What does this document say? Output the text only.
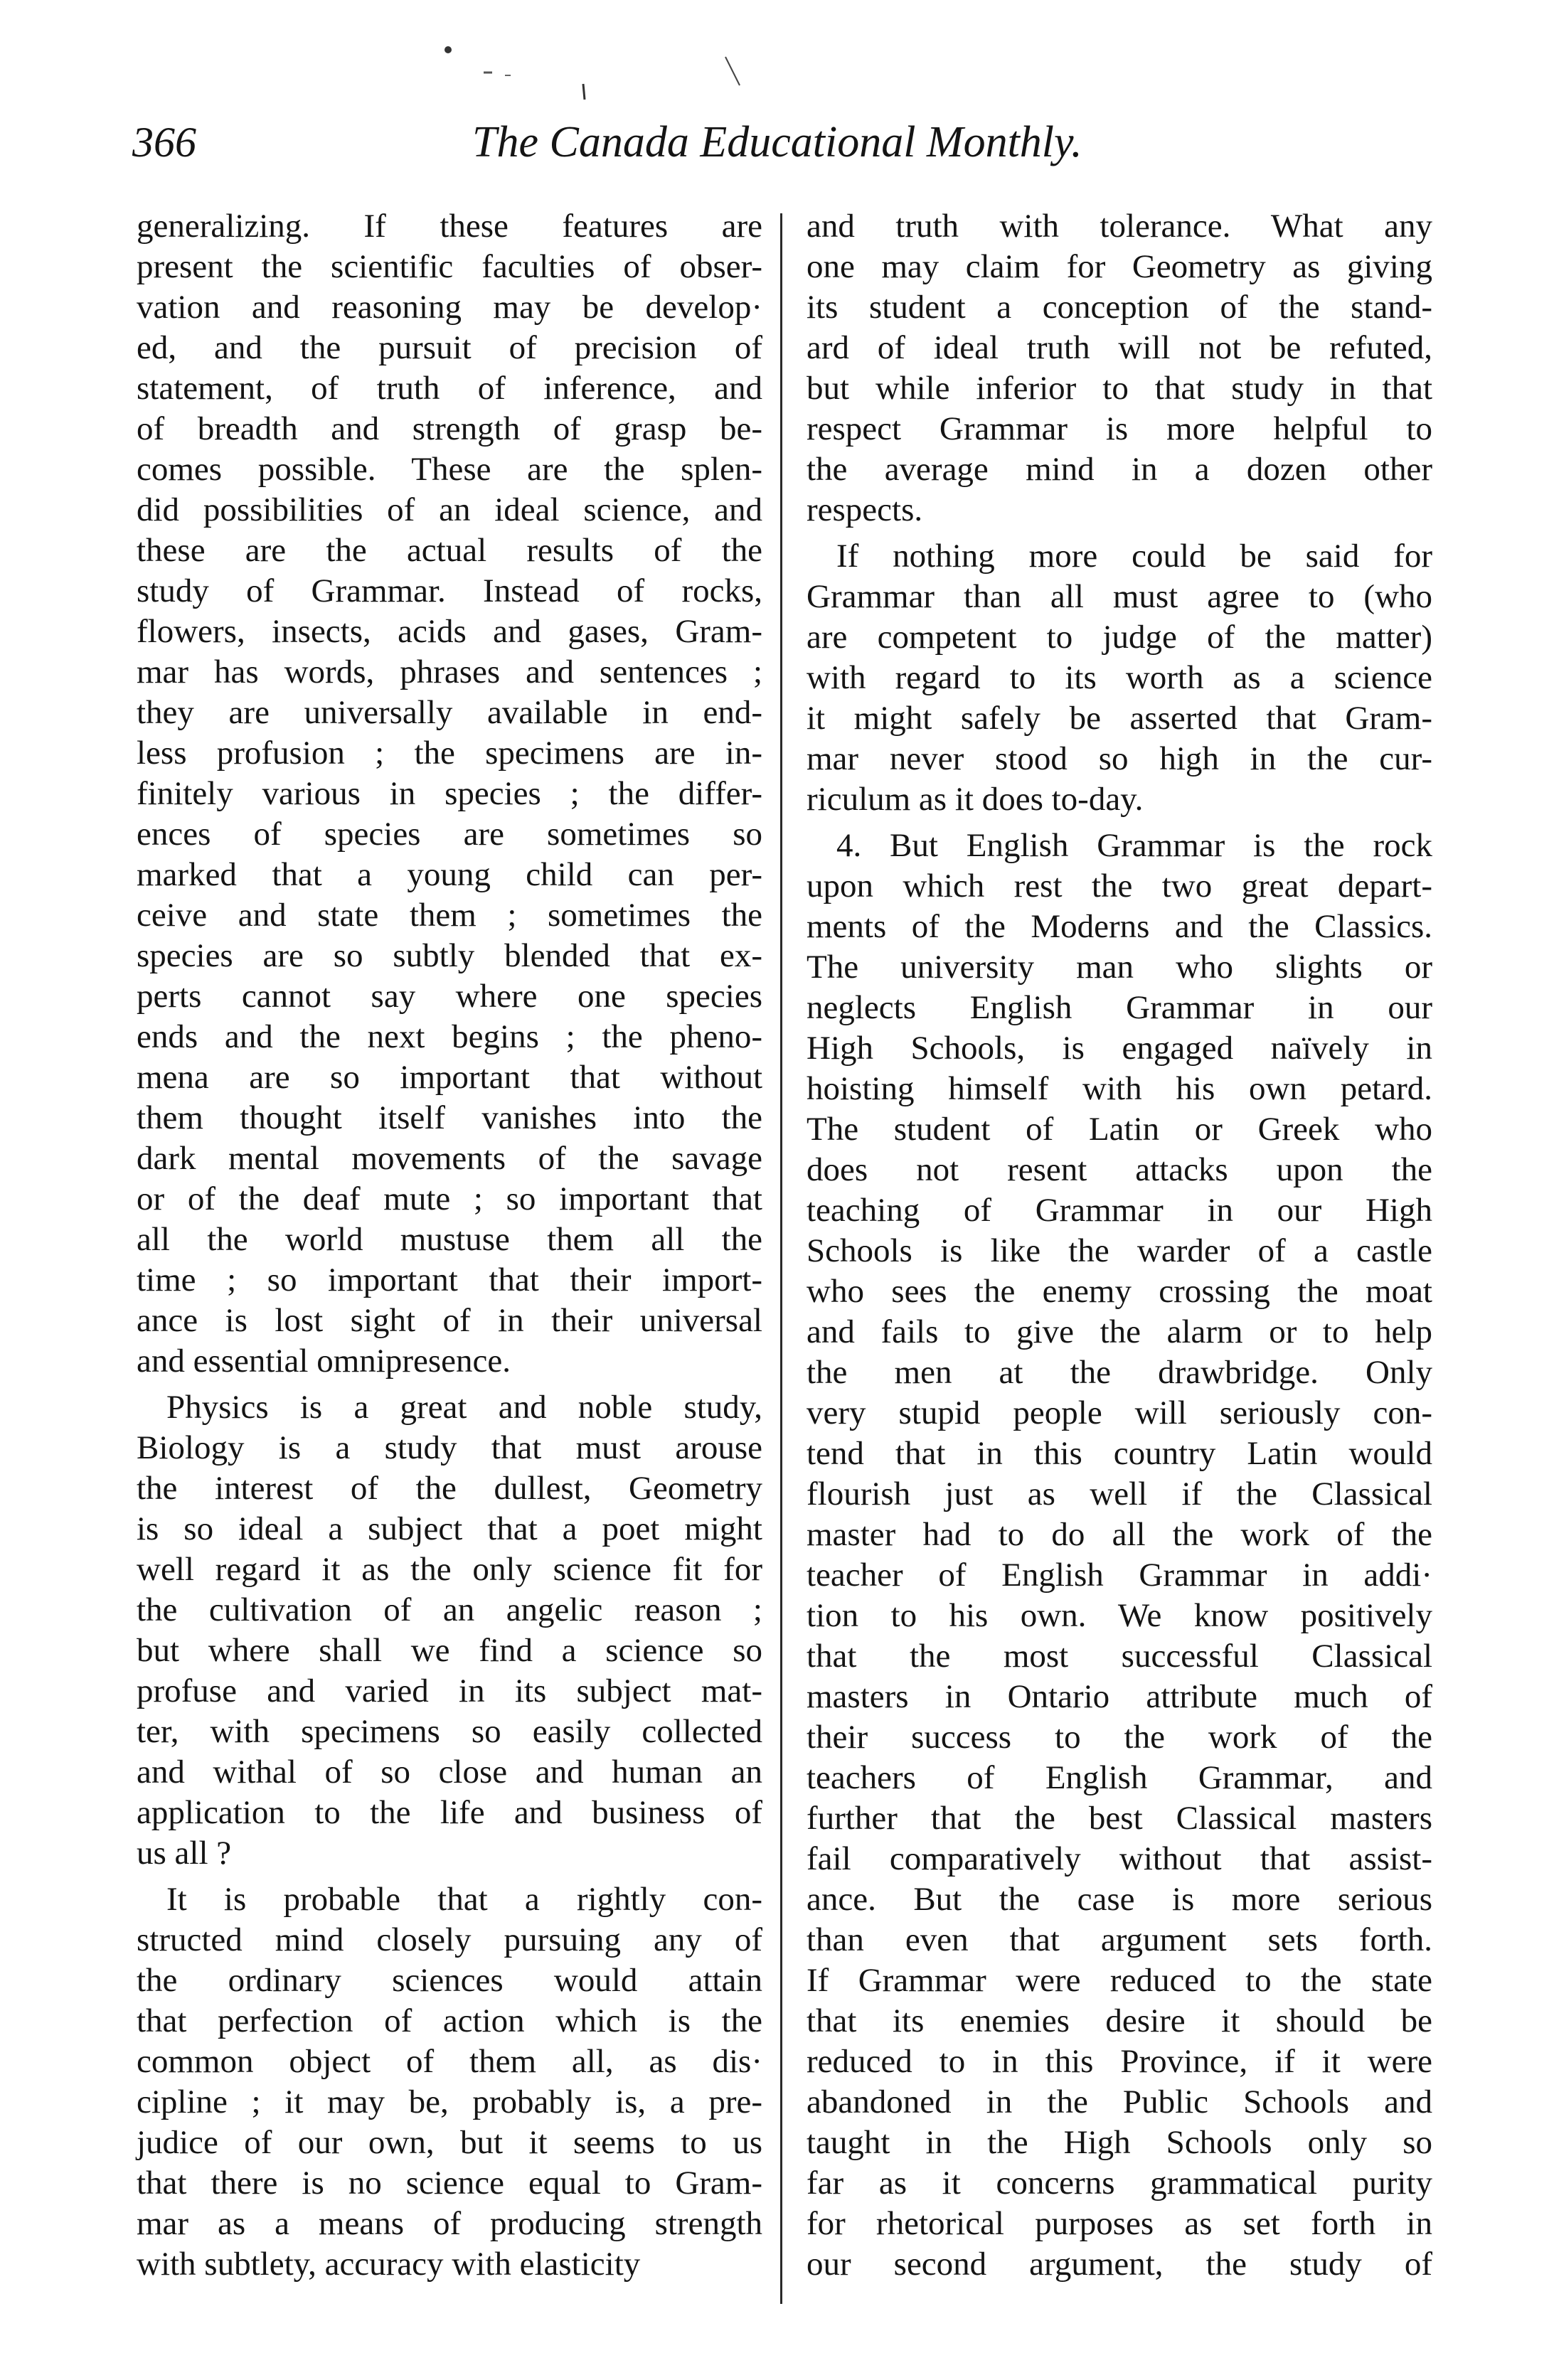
366	The Canada Educational Monthly.
generalizing. If these features are
present the scientific faculties of obser-
vation and reasoning may be develop·
ed, and the pursuit of precision of
statement, of truth of inference, and
of breadth and strength of grasp be-
comes possible. These are the splen-
did possibilities of an ideal science, and
these are the actual results of the
study of Grammar. Instead of rocks,
flowers, insects, acids and gases, Gram-
mar has words, phrases and sentences ;
they are universally available in end-
less profusion ; the specimens are in-
finitely various in species ; the differ-
ences of species are sometimes so
marked that a young child can per-
ceive and state them ; sometimes the
species are so subtly blended that ex-
perts cannot say where one species
ends and the next begins ; the pheno-
mena are so important that without
them thought itself vanishes into the
dark mental movements of the savage
or of the deaf mute ; so important that
all the world mustuse them all the
time ; so important that their import-
ance is lost sight of in their universal
and essential omnipresence.
Physics is a great and noble study,
Biology is a study that must arouse
the interest of the dullest, Geometry
is so ideal a subject that a poet might
well regard it as the only science fit for
the cultivation of an angelic reason ;
but where shall we find a science so
profuse and varied in its subject mat-
ter, with specimens so easily collected
and withal of so close and human an
application to the life and business of
us all ?
It is probable that a rightly con-
structed mind closely pursuing any of
the ordinary sciences would attain
that perfection of action which is the
common object of them all, as dis·
cipline ; it may be, probably is, a pre-
judice of our own, but it seems to us
that there is no science equal to Gram-
mar as a means of producing strength
with subtlety, accuracy with elasticity
and truth with tolerance. What any
one may claim for Geometry as giving
its student a conception of the stand-
ard of ideal truth will not be refuted,
but while inferior to that study in that
respect Grammar is more helpful to
the average mind in a dozen other
respects.
If nothing more could be said for
Grammar than all must agree to (who
are competent to judge of the matter)
with regard to its worth as a science
it might safely be asserted that Gram-
mar never stood so high in the cur-
riculum as it does to-day.
4. But English Grammar is the rock
upon which rest the two great depart-
ments of the Moderns and the Classics.
The university man who slights or
neglects English Grammar in our
High Schools, is engaged naïvely in
hoisting himself with his own petard.
The student of Latin or Greek who
does not resent attacks upon the
teaching of Grammar in our High
Schools is like the warder of a castle
who sees the enemy crossing the moat
and fails to give the alarm or to help
the men at the drawbridge. Only
very stupid people will seriously con-
tend that in this country Latin would
flourish just as well if the Classical
master had to do all the work of the
teacher of English Grammar in addi·
tion to his own. We know positively
that the most successful Classical
masters in Ontario attribute much of
their success to the work of the
teachers of English Grammar, and
further that the best Classical masters
fail comparatively without that assist-
ance. But the case is more serious
than even that argument sets forth.
If Grammar were reduced to the state
that its enemies desire it should be
reduced to in this Province, if it were
abandoned in the Public Schools and
taught in the High Schools only so
far as it concerns grammatical purity
for rhetorical purposes as set forth in
our second argument, the study of
